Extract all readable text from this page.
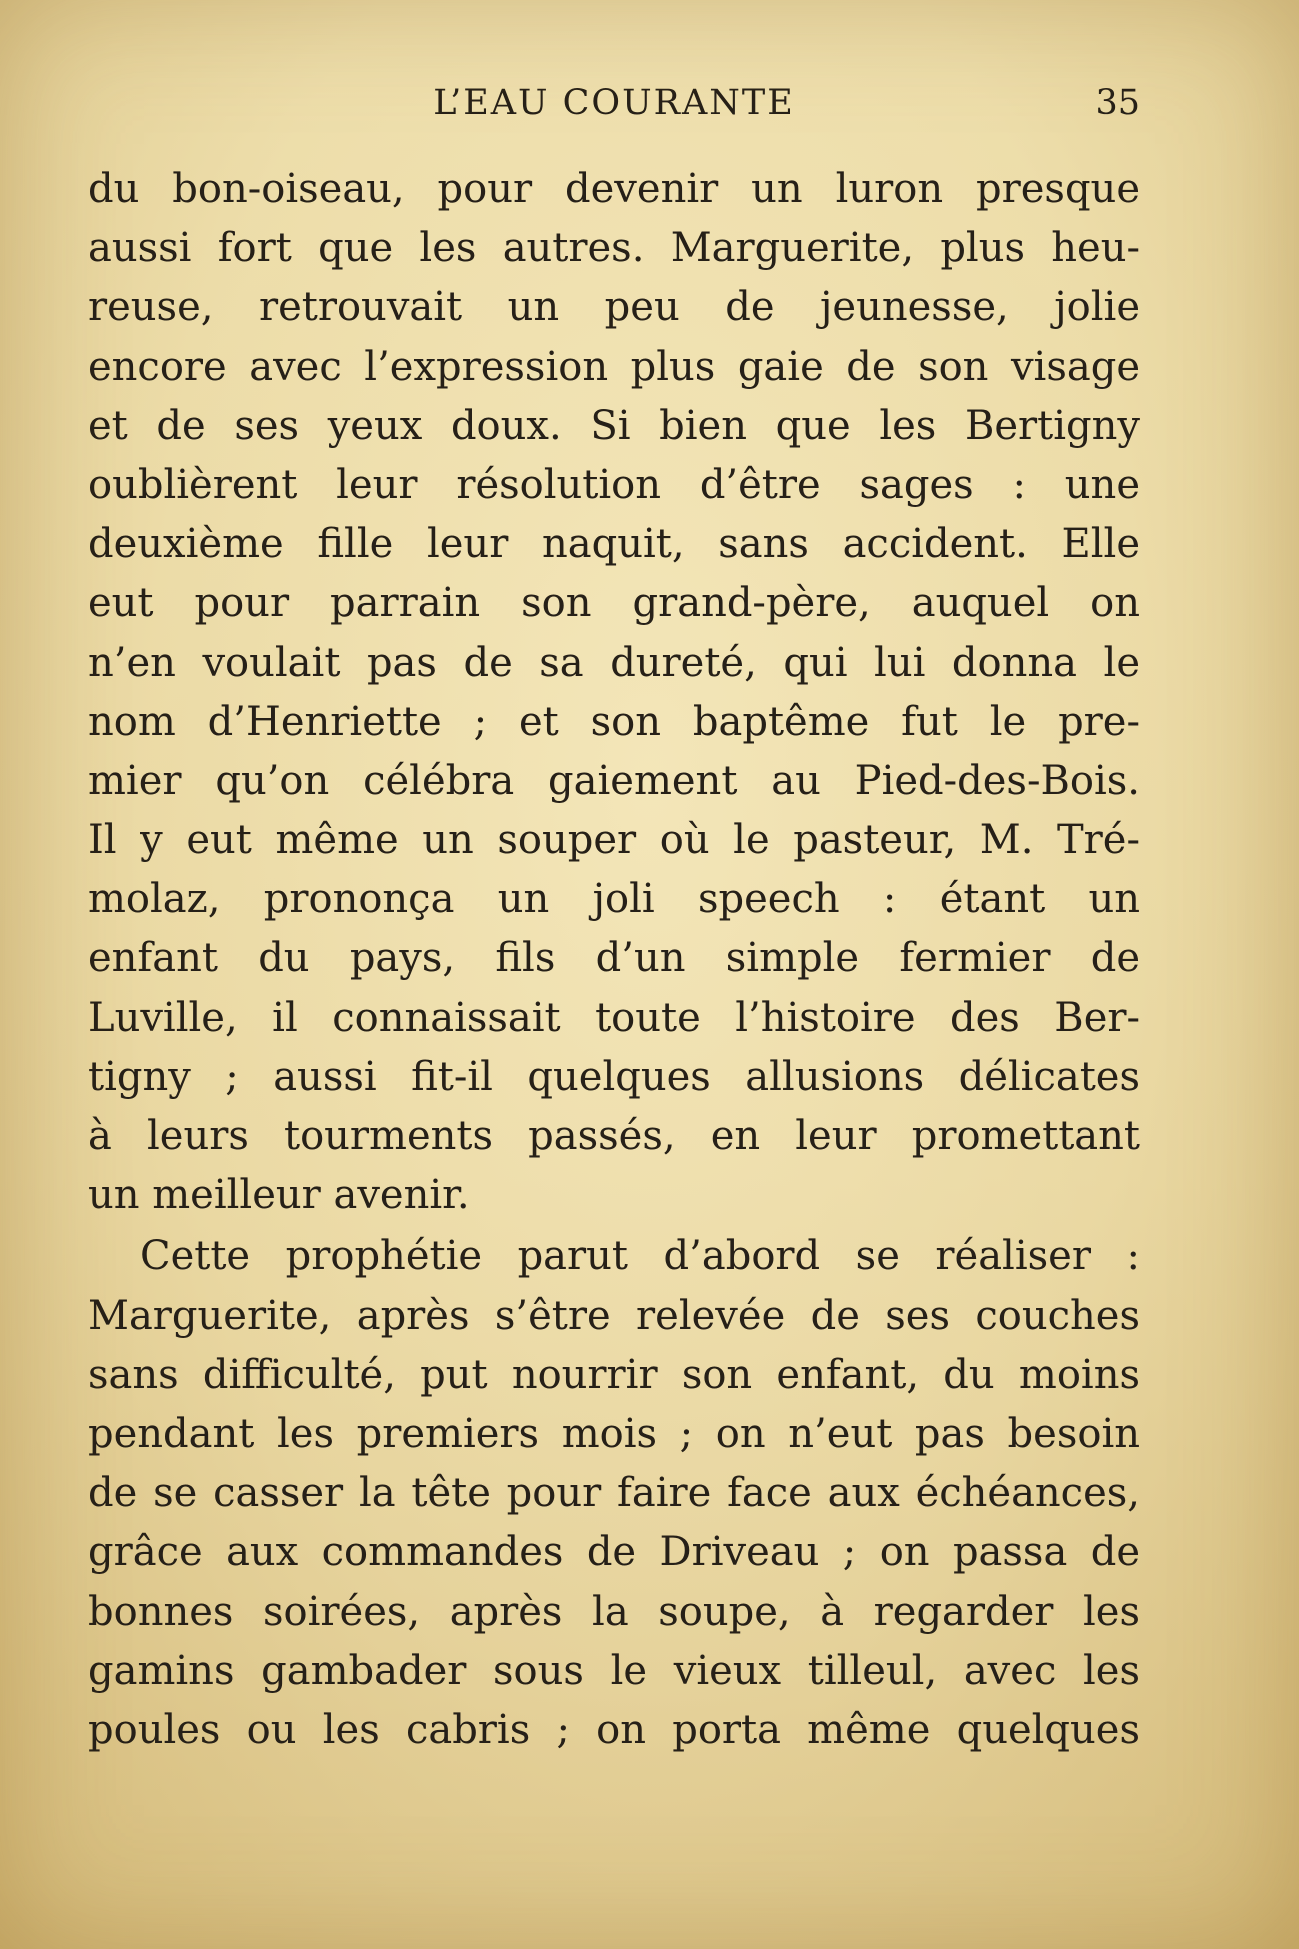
L’EAU COURANTE	35
du bon-oiseau, pour devenir un luron presque
aussi fort que les autres. Marguerite, plus heu-
reuse, retrouvait un peu de jeunesse, jolie
encore avec l’expression plus gaie de son visage
et de ses yeux doux. Si bien que les Bertigny
oublièrent leur résolution d’être sages : une
deuxième fille leur naquit, sans accident. Elle
eut pour parrain son grand-père, auquel on
n’en voulait pas de sa dureté, qui lui donna le
nom d’Henriette ; et son baptême fut le pre-
mier qu’on célébra gaiement au Pied-des-Bois.
Il y eut même un souper où le pasteur, M. Tré-
molaz, prononça un joli speech : étant un
enfant du pays, fils d’un simple fermier de
Luville, il connaissait toute l’histoire des Ber-
tigny ; aussi fit-il quelques allusions délicates
à leurs tourments passés, en leur promettant
un meilleur avenir.
Cette prophétie parut d’abord se réaliser :
Marguerite, après s’être relevée de ses couches
sans difficulté, put nourrir son enfant, du moins
pendant les premiers mois ; on n’eut pas besoin
de se casser la tête pour faire face aux échéances,
grâce aux commandes de Driveau ; on passa de
bonnes soirées, après la soupe, à regarder les
gamins gambader sous le vieux tilleul, avec les
poules ou les cabris ; on porta même quelques
